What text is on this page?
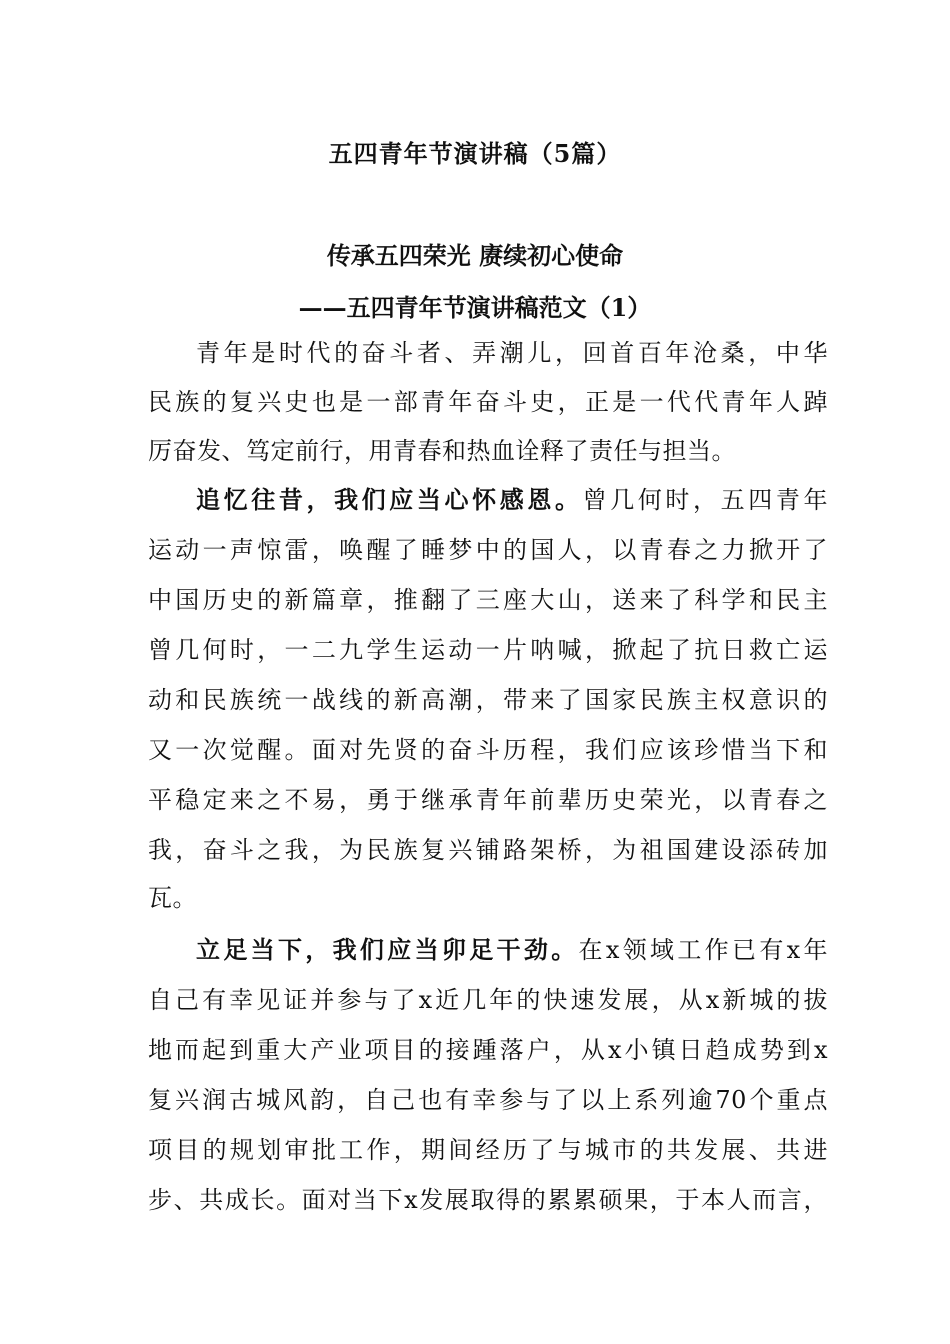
五四青年节演讲稿（5篇）
传承五四荣光 赓续初心使命
——五四青年节演讲稿范文（1）
青年是时代的奋斗者、弄潮儿，回首百年沧桑，中华
民族的复兴史也是一部青年奋斗史，正是一代代青年人踔
厉奋发、笃定前行，用青春和热血诠释了责任与担当。
追忆往昔，我们应当心怀感恩。曾几何时，五四青年
运动一声惊雷，唤醒了睡梦中的国人，以青春之力掀开了
中国历史的新篇章，推翻了三座大山，送来了科学和民主
曾几何时，一二九学生运动一片呐喊，掀起了抗日救亡运
动和民族统一战线的新高潮，带来了国家民族主权意识的
又一次觉醒。面对先贤的奋斗历程，我们应该珍惜当下和
平稳定来之不易，勇于继承青年前辈历史荣光，以青春之
我，奋斗之我，为民族复兴铺路架桥，为祖国建设添砖加
瓦。
立足当下，我们应当卯足干劲。在x领域工作已有x年
自己有幸见证并参与了x近几年的快速发展，从x新城的拔
地而起到重大产业项目的接踵落户，从x小镇日趋成势到x
复兴润古城风韵，自己也有幸参与了以上系列逾70个重点
项目的规划审批工作，期间经历了与城市的共发展、共进
步、共成长。面对当下x发展取得的累累硕果，于本人而言，
